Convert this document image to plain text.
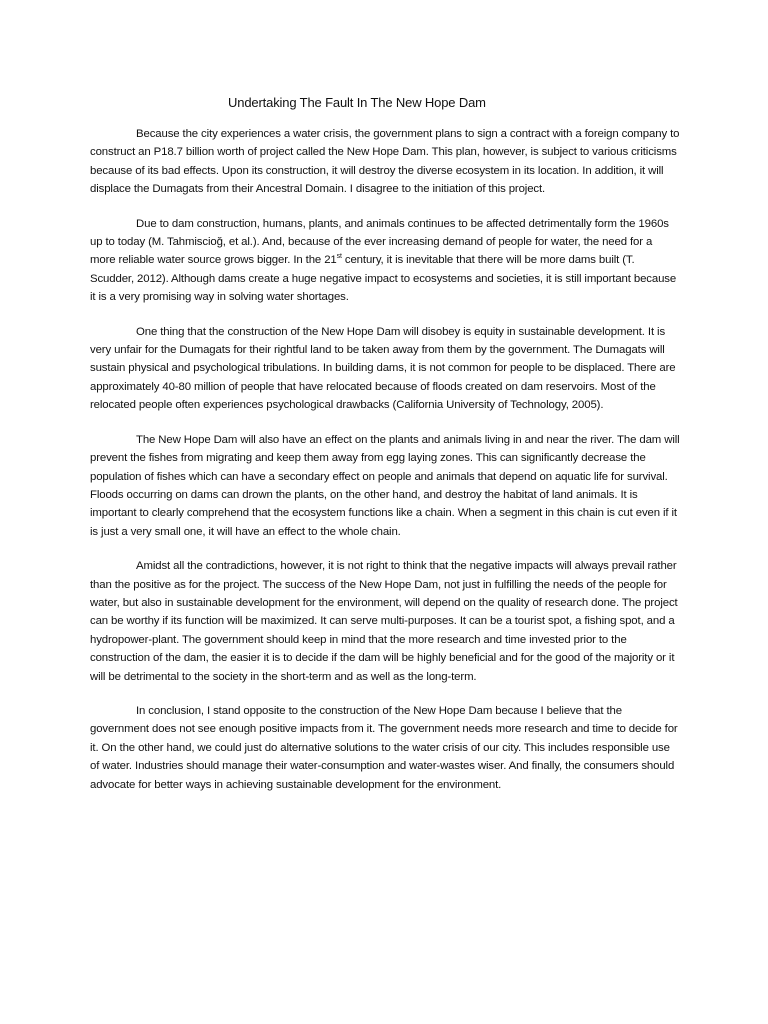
Undertaking The Fault In The New Hope Dam

Because the city experiences a water crisis, the government plans to sign a contract with a foreign company to construct an P18.7 billion worth of project called the New Hope Dam. This plan, however, is subject to various criticisms because of its bad effects. Upon its construction, it will destroy the diverse ecosystem in its location. In addition, it will displace the Dumagats from their Ancestral Domain. I disagree to the initiation of this project.

Due to dam construction, humans, plants, and animals continues to be affected detrimentally form the 1960s up to today (M. Tahmiscioğ, et al.). And, because of the ever increasing demand of people for water, the need for a more reliable water source grows bigger. In the 21st century, it is inevitable that there will be more dams built (T. Scudder, 2012). Although dams create a huge negative impact to ecosystems and societies, it is still important because it is a very promising way in solving water shortages.

One thing that the construction of the New Hope Dam will disobey is equity in sustainable development. It is very unfair for the Dumagats for their rightful land to be taken away from them by the government. The Dumagats will sustain physical and psychological tribulations. In building dams, it is not common for people to be displaced. There are approximately 40-80 million of people that have relocated because of floods created on dam reservoirs. Most of the relocated people often experiences psychological drawbacks (California University of Technology, 2005).

The New Hope Dam will also have an effect on the plants and animals living in and near the river. The dam will prevent the fishes from migrating and keep them away from egg laying zones. This can significantly decrease the population of fishes which can have a secondary effect on people and animals that depend on aquatic life for survival. Floods occurring on dams can drown the plants, on the other hand, and destroy the habitat of land animals. It is important to clearly comprehend that the ecosystem functions like a chain. When a segment in this chain is cut even if it is just a very small one, it will have an effect to the whole chain.

Amidst all the contradictions, however, it is not right to think that the negative impacts will always prevail rather than the positive as for the project. The success of the New Hope Dam, not just in fulfilling the needs of the people for water, but also in sustainable development for the environment, will depend on the quality of research done. The project can be worthy if its function will be maximized. It can serve multi-purposes. It can be a tourist spot, a fishing spot, and a hydropower-plant. The government should keep in mind that the more research and time invested prior to the construction of the dam, the easier it is to decide if the dam will be highly beneficial and for the good of the majority or it will be detrimental to the society in the short-term and as well as the long-term.

In conclusion, I stand opposite to the construction of the New Hope Dam because I believe that the government does not see enough positive impacts from it. The government needs more research and time to decide for it. On the other hand, we could just do alternative solutions to the water crisis of our city. This includes responsible use of water. Industries should manage their water-consumption and water-wastes wiser. And finally, the consumers should advocate for better ways in achieving sustainable development for the environment.
